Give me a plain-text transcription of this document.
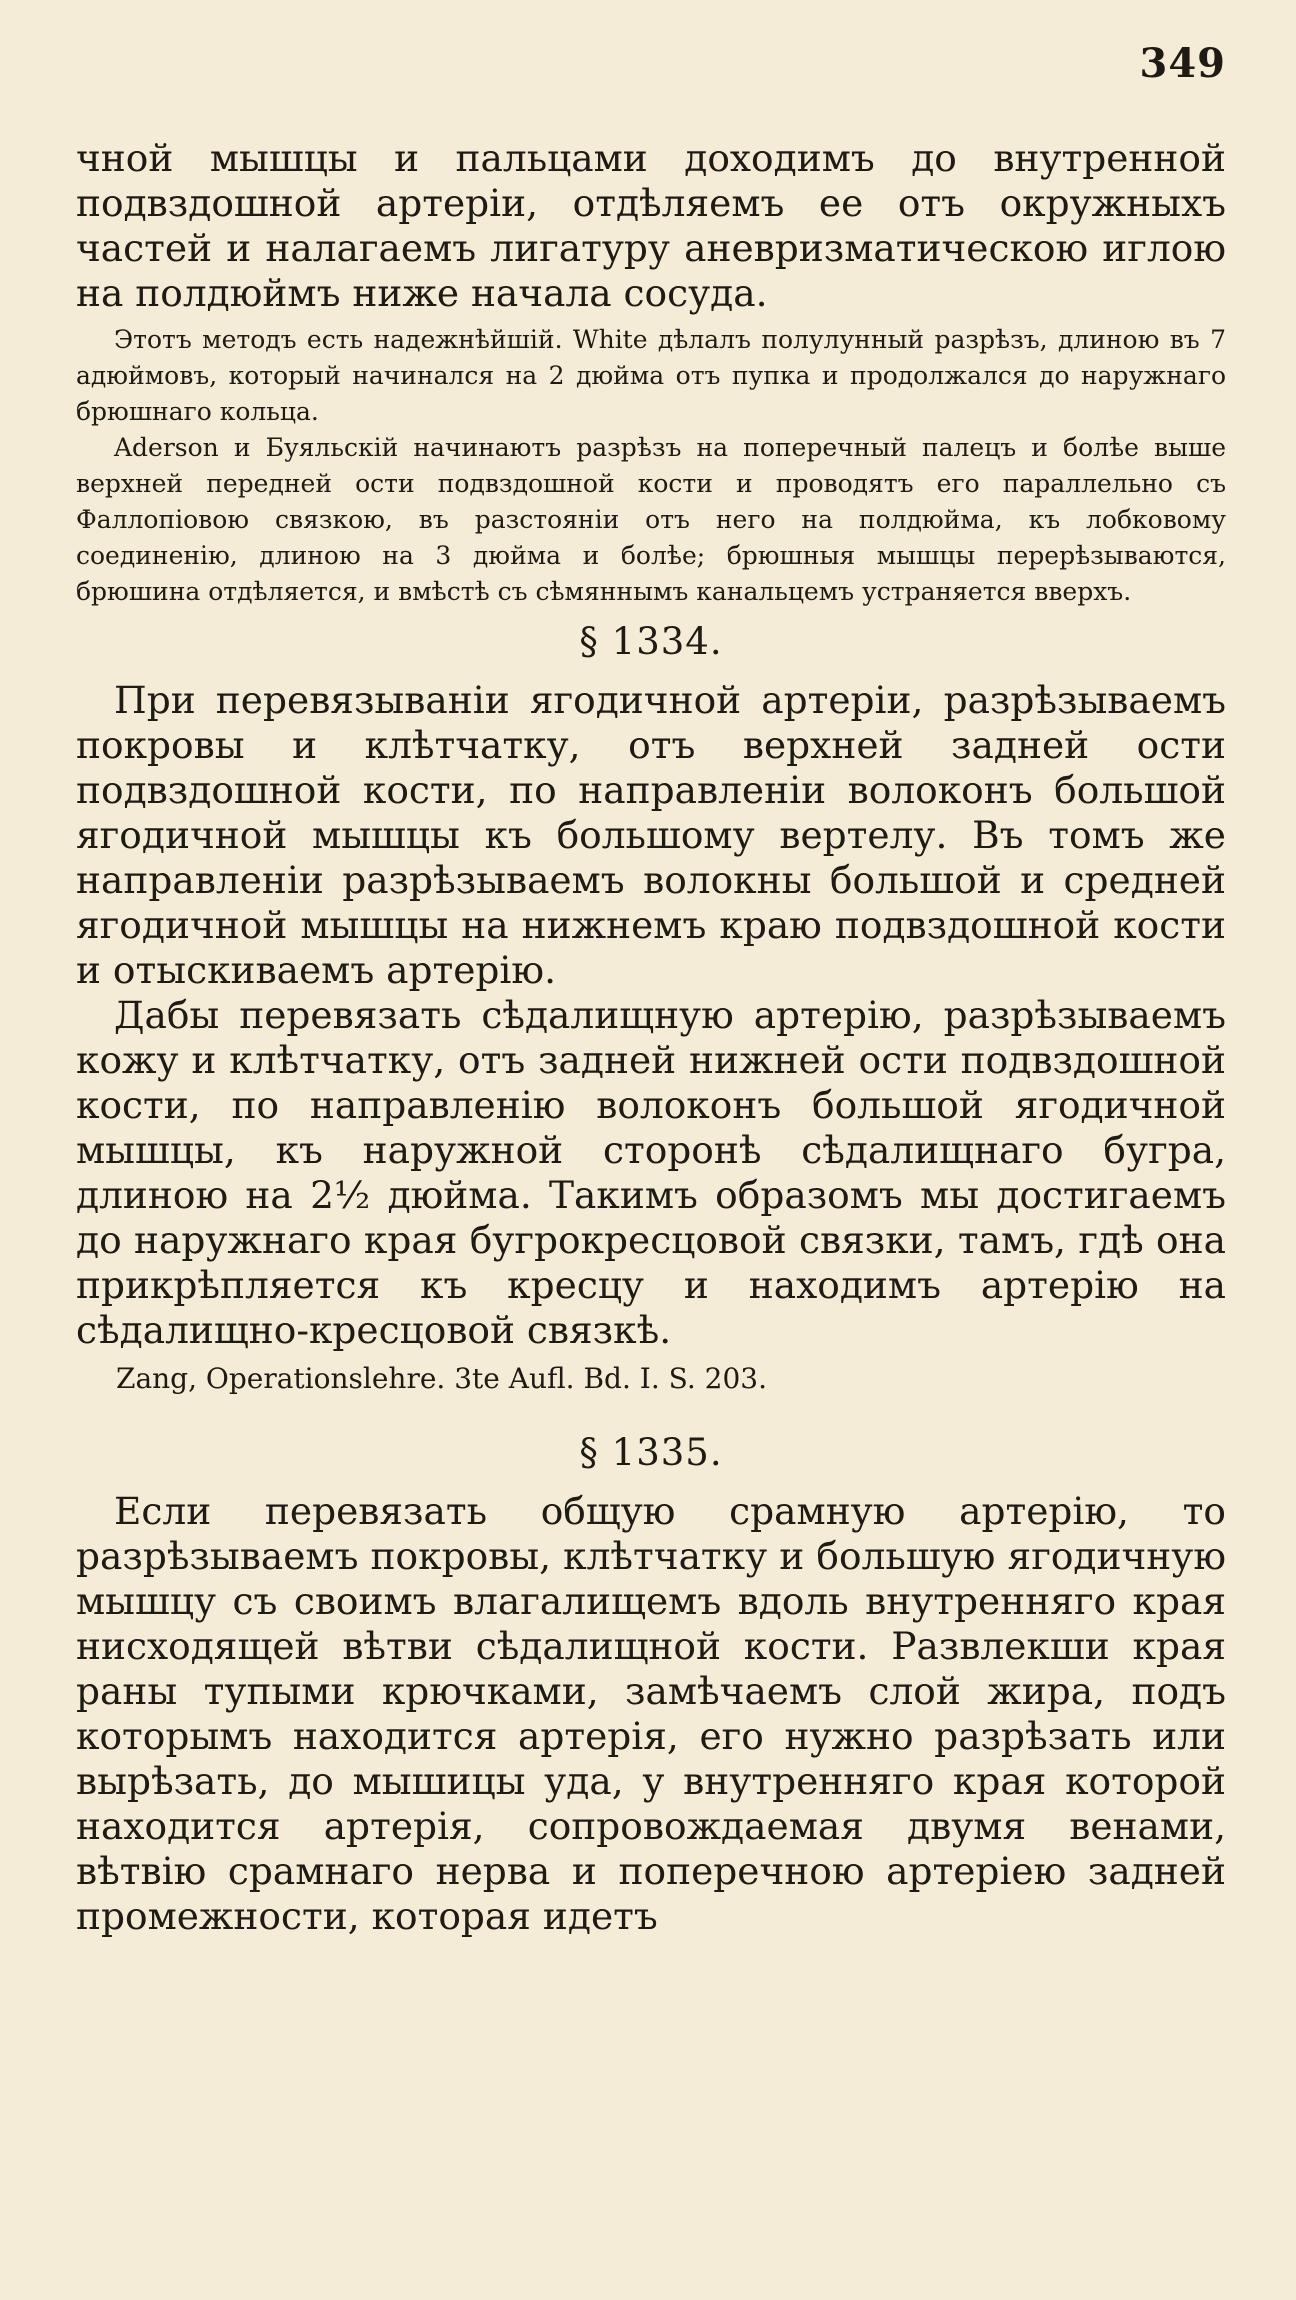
349

чной мышцы и пальцами доходимъ до внутренной подвздошной артеріи, отдѣляемъ ее отъ окружныхъ частей и налагаемъ лигатуру аневризматическою иглою на полдюймъ ниже начала сосуда.

Этотъ методъ есть надежнѣйшій. White дѣлалъ полулунный разрѣзъ, длиною въ 7 адюймовъ, который начинался на 2 дюйма отъ пупка и продолжался до наружнаго брюшнаго кольца.

Aderson и Буяльскій начинаютъ разрѣзъ на поперечный палецъ и болѣе выше верхней передней ости подвздошной кости и проводятъ его параллельно съ Фаллопіовою связкою, въ разстояніи отъ него на полдюйма, къ лобковому соединенію, длиною на 3 дюйма и болѣе; брюшныя мышцы перерѣзываются, брюшина отдѣляется, и вмѣстѣ съ сѣмяннымъ канальцемъ устраняется вверхъ.

§ 1334.

При перевязываніи ягодичной артеріи, разрѣзываемъ покровы и клѣтчатку, отъ верхней задней ости подвздошной кости, по направленіи волоконъ большой ягодичной мышцы къ большому вертелу. Въ томъ же направленіи разрѣзываемъ волокны большой и средней ягодичной мышцы на нижнемъ краю подвздошной кости и отыскиваемъ артерію.

Дабы перевязать сѣдалищную артерію, разрѣзываемъ кожу и клѣтчатку, отъ задней нижней ости подвздошной кости, по направленію волоконъ большой ягодичной мышцы, къ наружной сторонѣ сѣдалищнаго бугра, длиною на 2½ дюйма. Такимъ образомъ мы достигаемъ до наружнаго края бугрокресцовой связки, тамъ, гдѣ она прикрѣпляется къ кресцу и находимъ артерію на сѣдалищно-кресцовой связкѣ.

Zang, Operationslehre. 3te Aufl. Bd. I. S. 203.

§ 1335.

Если перевязать общую срамную артерію, то разрѣзываемъ покровы, клѣтчатку и большую ягодичную мышцу съ своимъ влагалищемъ вдоль внутренняго края нисходящей вѣтви сѣдалищной кости. Развлекши края раны тупыми крючками, замѣчаемъ слой жира, подъ которымъ находится артерія, его нужно разрѣзать или вырѣзать, до мышицы уда, у внутренняго края которой находится артерія, сопровождаемая двумя венами, вѣтвію срамнаго нерва и поперечною артеріею задней промежности, которая идетъ
